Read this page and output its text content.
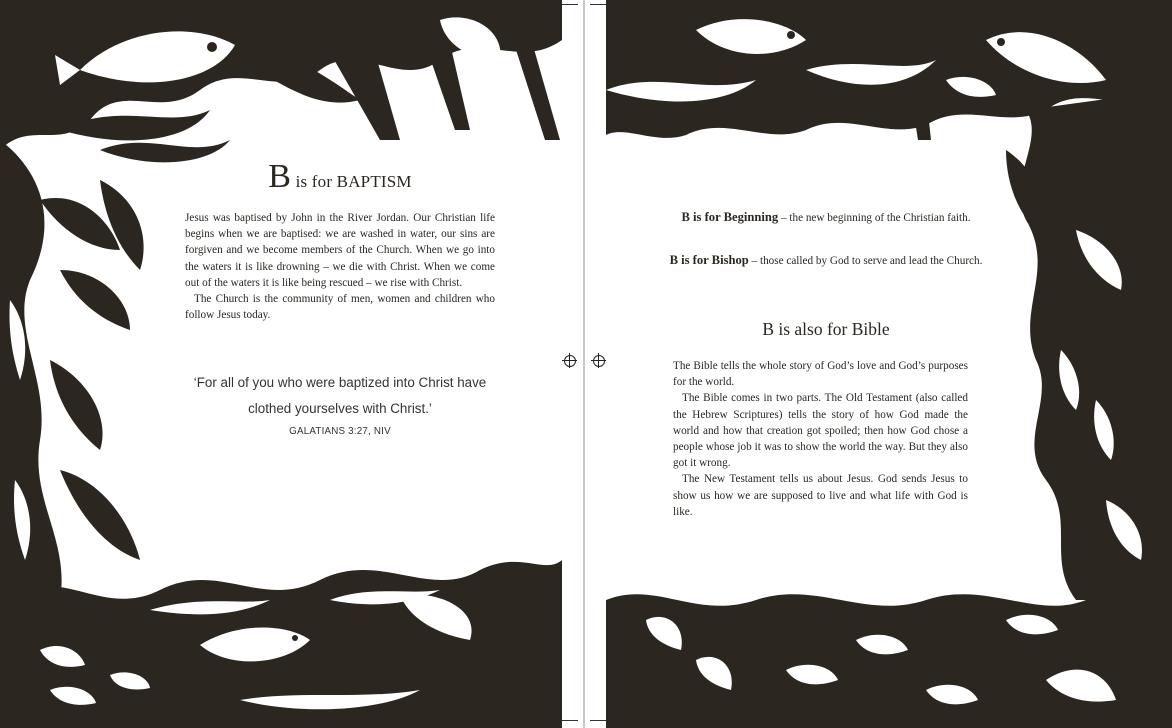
B is for BAPTISM

Jesus was baptised by John in the River Jordan. Our Christian life begins when we are baptised: we are washed in water, our sins are forgiven and we become members of the Church. When we go into the waters it is like drowning – we die with Christ. When we come out of the waters it is like being rescued – we rise with Christ.

The Church is the community of men, women and children who follow Jesus today.

‘For all of you who were baptized into Christ have clothed yourselves with Christ.’
GALATIANS 3:27, NIV
B is for Beginning – the new beginning of the Christian faith.
B is for Bishop – those called by God to serve and lead the Church.
B is also for Bible

The Bible tells the whole story of God’s love and God’s purposes for the world.

The Bible comes in two parts. The Old Testament (also called the Hebrew Scriptures) tells the story of how God made the world and how that creation got spoiled; then how God chose a people whose job it was to show the world the way. But they also got it wrong.

The New Testament tells us about Jesus. God sends Jesus to show us how we are supposed to live and what life with God is like.
